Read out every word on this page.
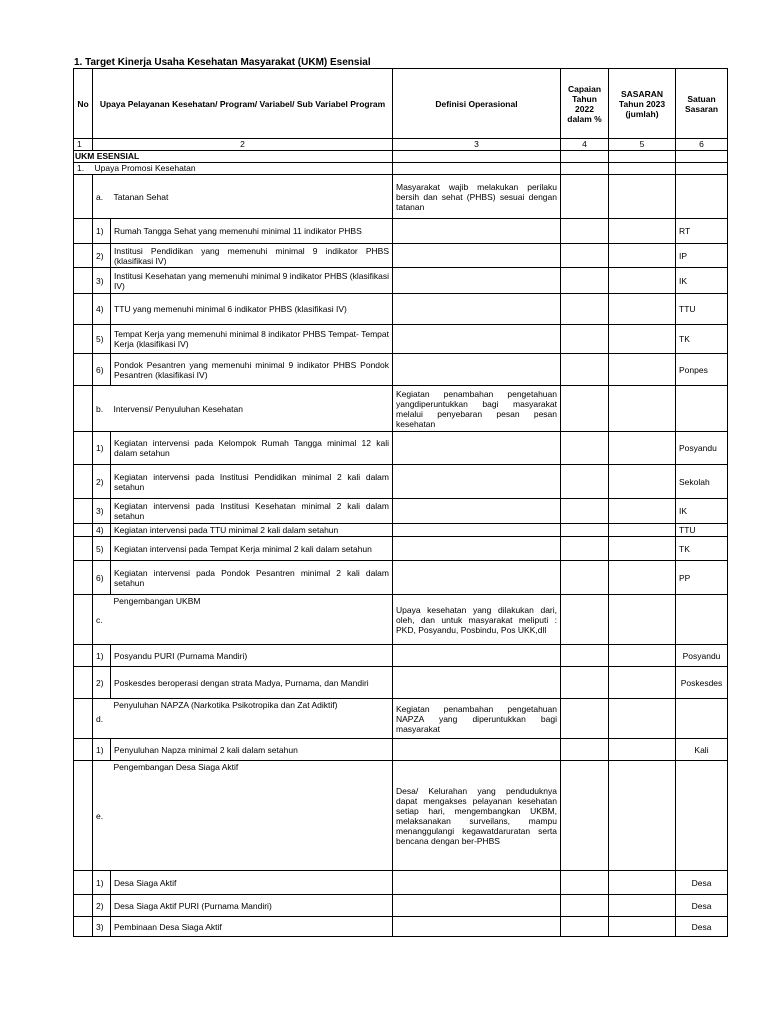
1. Target Kinerja Usaha Kesehatan Masyarakat (UKM) Esensial
No	Upaya Pelayanan Kesehatan/ Program/ Variabel/ Sub Variabel Program		Definisi Operasional	Capaian Tahun 2022 dalam %	SASARAN Tahun 2023 (jumlah)	Satuan Sasaran
1	2		3	4	5	6
UKM ESENSIAL						
1.	Upaya Promosi Kesehatan					
	a.	Tatanan Sehat	Masyarakat wajib melakukan perilaku bersih dan sehat (PHBS) sesuai dengan tatanan			
	1)	Rumah Tangga Sehat yang memenuhi minimal 11 indikator PHBS				RT
	2)	Institusi Pendidikan yang memenuhi minimal 9 indikator PHBS (klasifikasi IV)				IP
	3)	Institusi Kesehatan yang memenuhi minimal 9 indikator PHBS (klasifikasi IV)				IK
	4)	TTU yang memenuhi minimal 6 indikator PHBS (klasifikasi IV)				TTU
	5)	Tempat Kerja yang memenuhi minimal 8 indikator PHBS Tempat- Tempat Kerja (klasifikasi IV)				TK
	6)	Pondok Pesantren yang memenuhi minimal 9 indikator PHBS Pondok Pesantren (klasifikasi IV)				Ponpes
	b.	Intervensi/ Penyuluhan Kesehatan	Kegiatan penambahan pengetahuan yangdiperuntukkan bagi masyarakat melalui penyebaran pesan pesan kesehatan			
	1)	Kegiatan intervensi pada Kelompok Rumah Tangga minimal 12 kali dalam setahun				Posyandu
	2)	Kegiatan intervensi pada Institusi Pendidikan minimal 2 kali dalam setahun				Sekolah
	3)	Kegiatan intervensi pada Institusi Kesehatan minimal 2 kali dalam setahun				IK
	4)	Kegiatan intervensi pada TTU minimal 2 kali dalam setahun				TTU
	5)	Kegiatan intervensi pada Tempat Kerja minimal 2 kali dalam setahun				TK
	6)	Kegiatan intervensi pada Pondok Pesantren minimal 2 kali dalam setahun				PP
	c.	Pengembangan UKBM	Upaya kesehatan yang dilakukan dari, oleh, dan untuk masyarakat meliputi : PKD, Posyandu, Posbindu, Pos UKK,dll			
	1)	Posyandu PURI (Purnama Mandiri)				Posyandu
	2)	Poskesdes beroperasi dengan strata Madya, Purnama, dan Mandiri				Poskesdes
	d.	Penyuluhan NAPZA (Narkotika Psikotropika dan Zat Adiktif)	Kegiatan penambahan pengetahuan NAPZA yang diperuntukkan bagi masyarakat			
	1)	Penyuluhan Napza minimal 2 kali dalam setahun				Kali
	e.	Pengembangan Desa Siaga Aktif	Desa/ Kelurahan yang penduduknya dapat mengakses pelayanan kesehatan setiap hari, mengembangkan UKBM, melaksanakan surveilans, mampu menanggulangi kegawatdaruratan serta bencana dengan ber-PHBS			
	1)	Desa Siaga Aktif				Desa
	2)	Desa Siaga Aktif PURI (Purnama Mandiri)				Desa
	3)	Pembinaan Desa Siaga Aktif				Desa
